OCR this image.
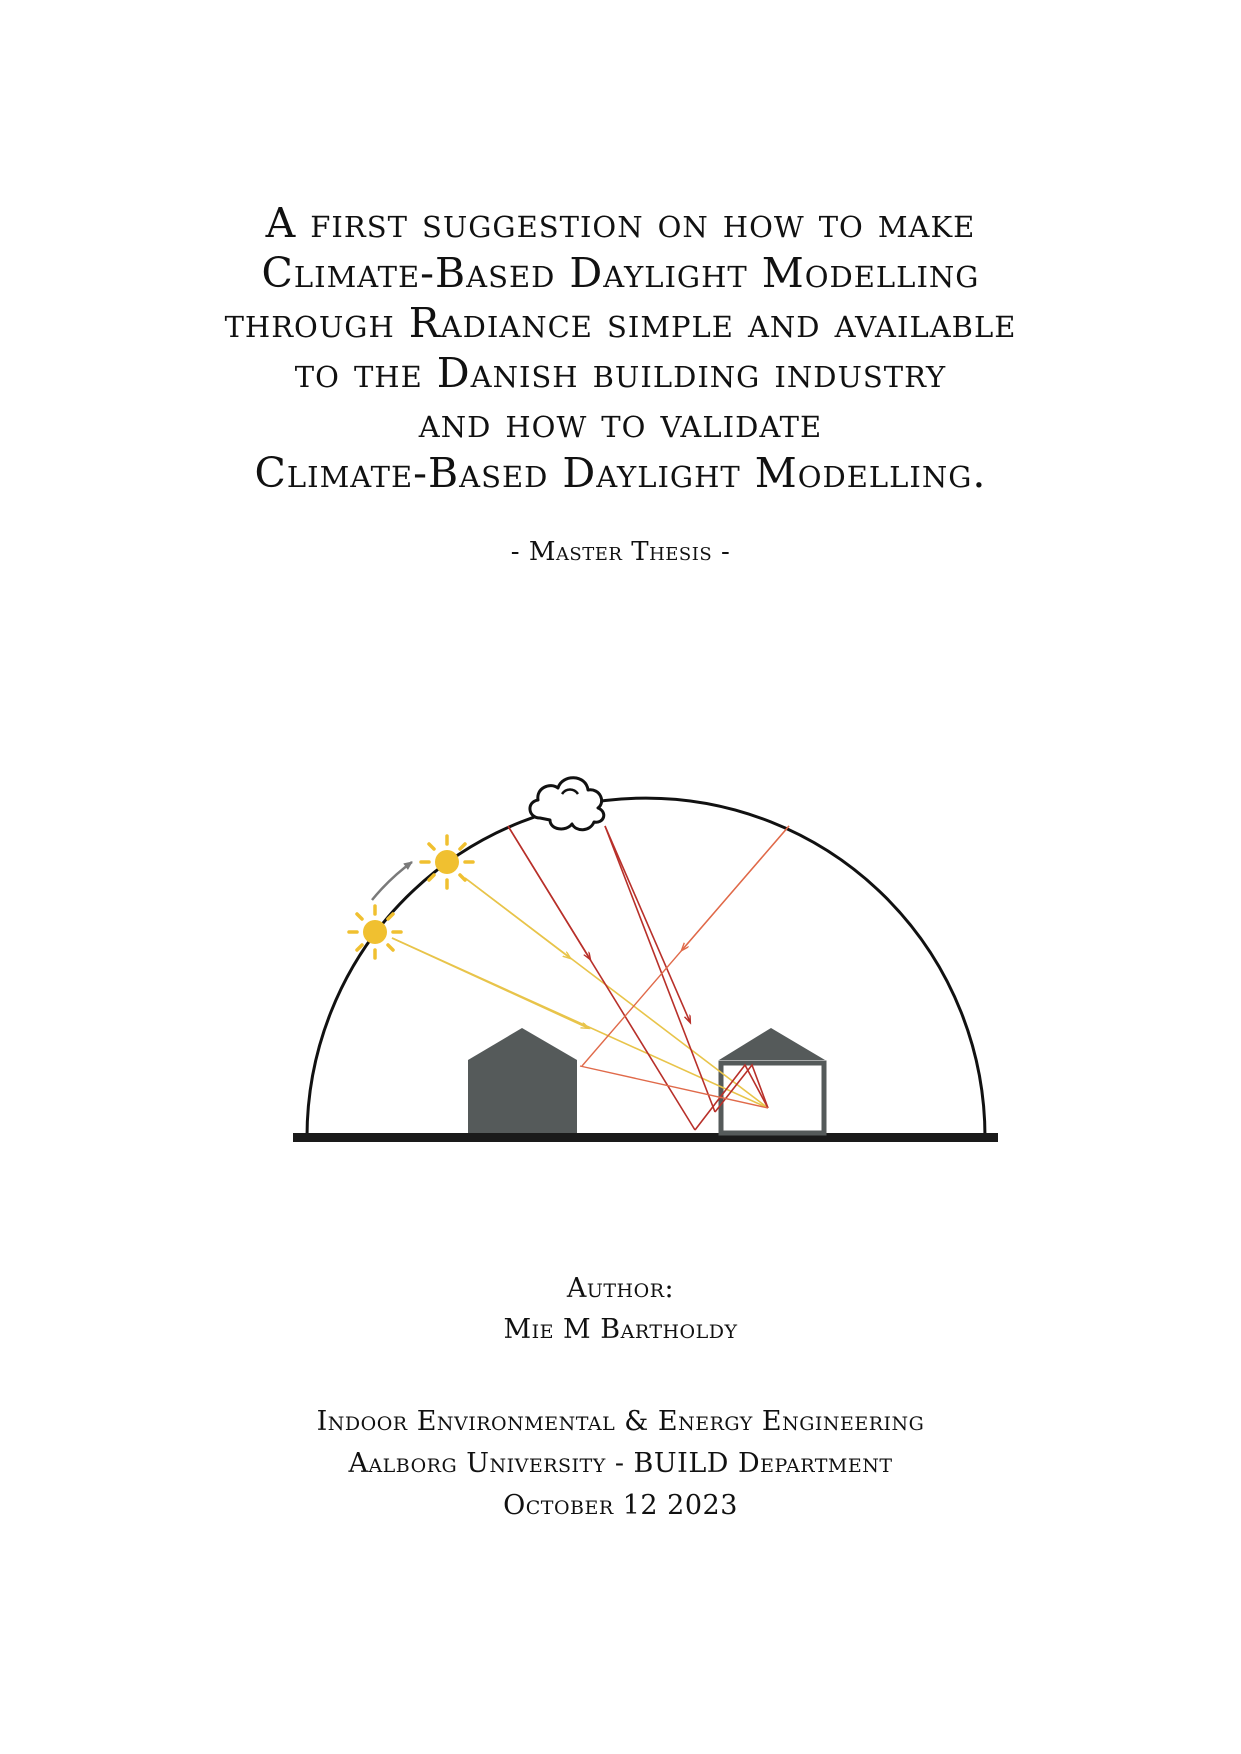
A first suggestion on how to make
Climate-Based Daylight Modelling
through Radiance simple and available
to the Danish building industry
and how to validate
Climate-Based Daylight Modelling.
- Master Thesis -
Author:
Mie M Bartholdy
Indoor Environmental & Energy Engineering
Aalborg University - BUILD Department
October 12 2023
